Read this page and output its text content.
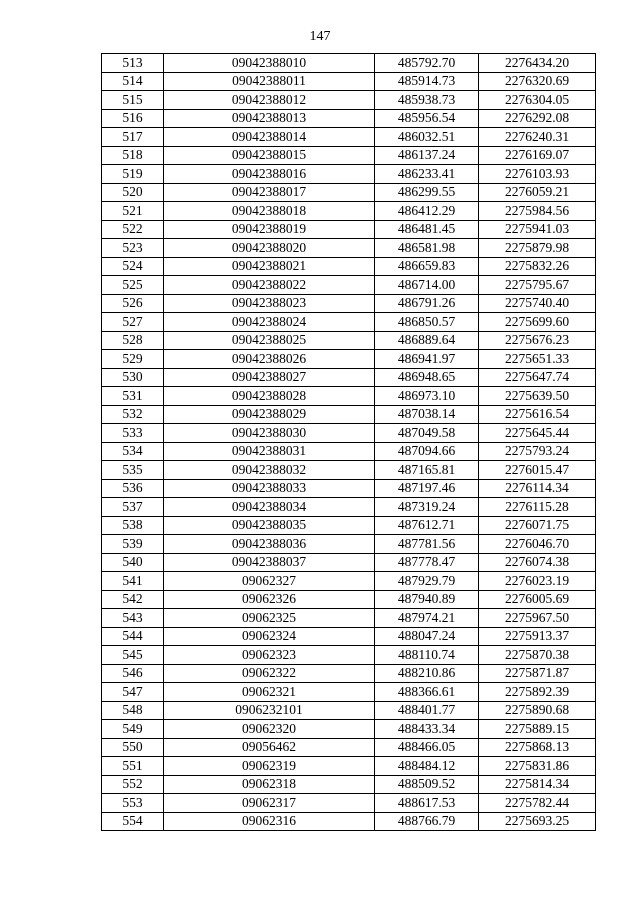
147
513	09042388010	485792.70	2276434.20
514	09042388011	485914.73	2276320.69
515	09042388012	485938.73	2276304.05
516	09042388013	485956.54	2276292.08
517	09042388014	486032.51	2276240.31
518	09042388015	486137.24	2276169.07
519	09042388016	486233.41	2276103.93
520	09042388017	486299.55	2276059.21
521	09042388018	486412.29	2275984.56
522	09042388019	486481.45	2275941.03
523	09042388020	486581.98	2275879.98
524	09042388021	486659.83	2275832.26
525	09042388022	486714.00	2275795.67
526	09042388023	486791.26	2275740.40
527	09042388024	486850.57	2275699.60
528	09042388025	486889.64	2275676.23
529	09042388026	486941.97	2275651.33
530	09042388027	486948.65	2275647.74
531	09042388028	486973.10	2275639.50
532	09042388029	487038.14	2275616.54
533	09042388030	487049.58	2275645.44
534	09042388031	487094.66	2275793.24
535	09042388032	487165.81	2276015.47
536	09042388033	487197.46	2276114.34
537	09042388034	487319.24	2276115.28
538	09042388035	487612.71	2276071.75
539	09042388036	487781.56	2276046.70
540	09042388037	487778.47	2276074.38
541	09062327	487929.79	2276023.19
542	09062326	487940.89	2276005.69
543	09062325	487974.21	2275967.50
544	09062324	488047.24	2275913.37
545	09062323	488110.74	2275870.38
546	09062322	488210.86	2275871.87
547	09062321	488366.61	2275892.39
548	0906232101	488401.77	2275890.68
549	09062320	488433.34	2275889.15
550	09056462	488466.05	2275868.13
551	09062319	488484.12	2275831.86
552	09062318	488509.52	2275814.34
553	09062317	488617.53	2275782.44
554	09062316	488766.79	2275693.25
